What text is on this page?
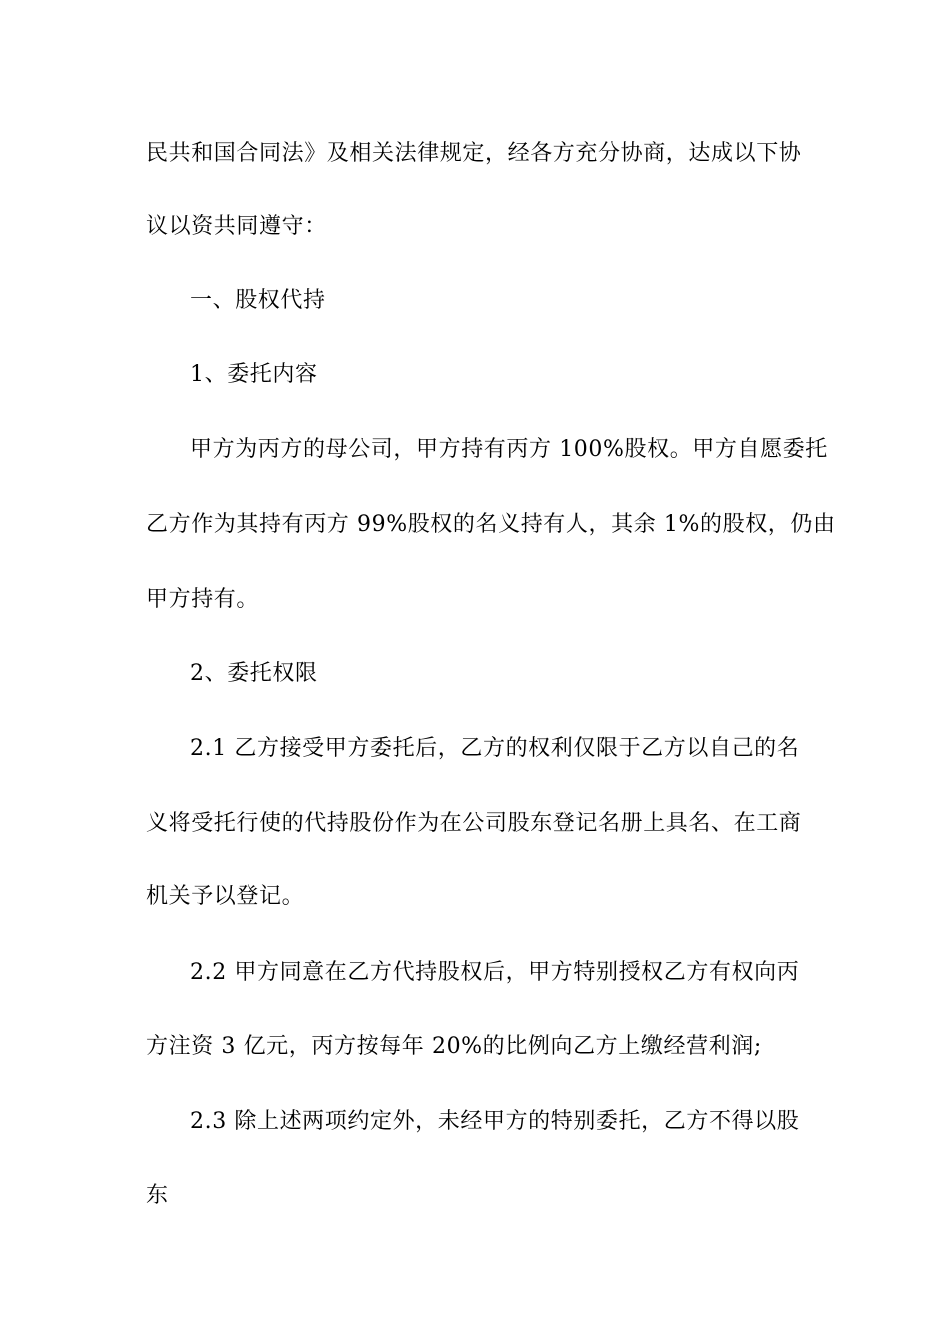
民共和国合同法》及相关法律规定，经各方充分协商，达成以下协
议以资共同遵守：
一、股权代持
1、委托内容
甲方为丙方的母公司，甲方持有丙方 100%股权。甲方自愿委托
乙方作为其持有丙方 99%股权的名义持有人，其余 1%的股权，仍由
甲方持有。
2、委托权限
2.1 乙方接受甲方委托后，乙方的权利仅限于乙方以自己的名
义将受托行使的代持股份作为在公司股东登记名册上具名、在工商
机关予以登记。
2.2 甲方同意在乙方代持股权后，甲方特别授权乙方有权向丙
方注资 3 亿元，丙方按每年 20%的比例向乙方上缴经营利润;
2.3 除上述两项约定外，未经甲方的特别委托，乙方不得以股
东
